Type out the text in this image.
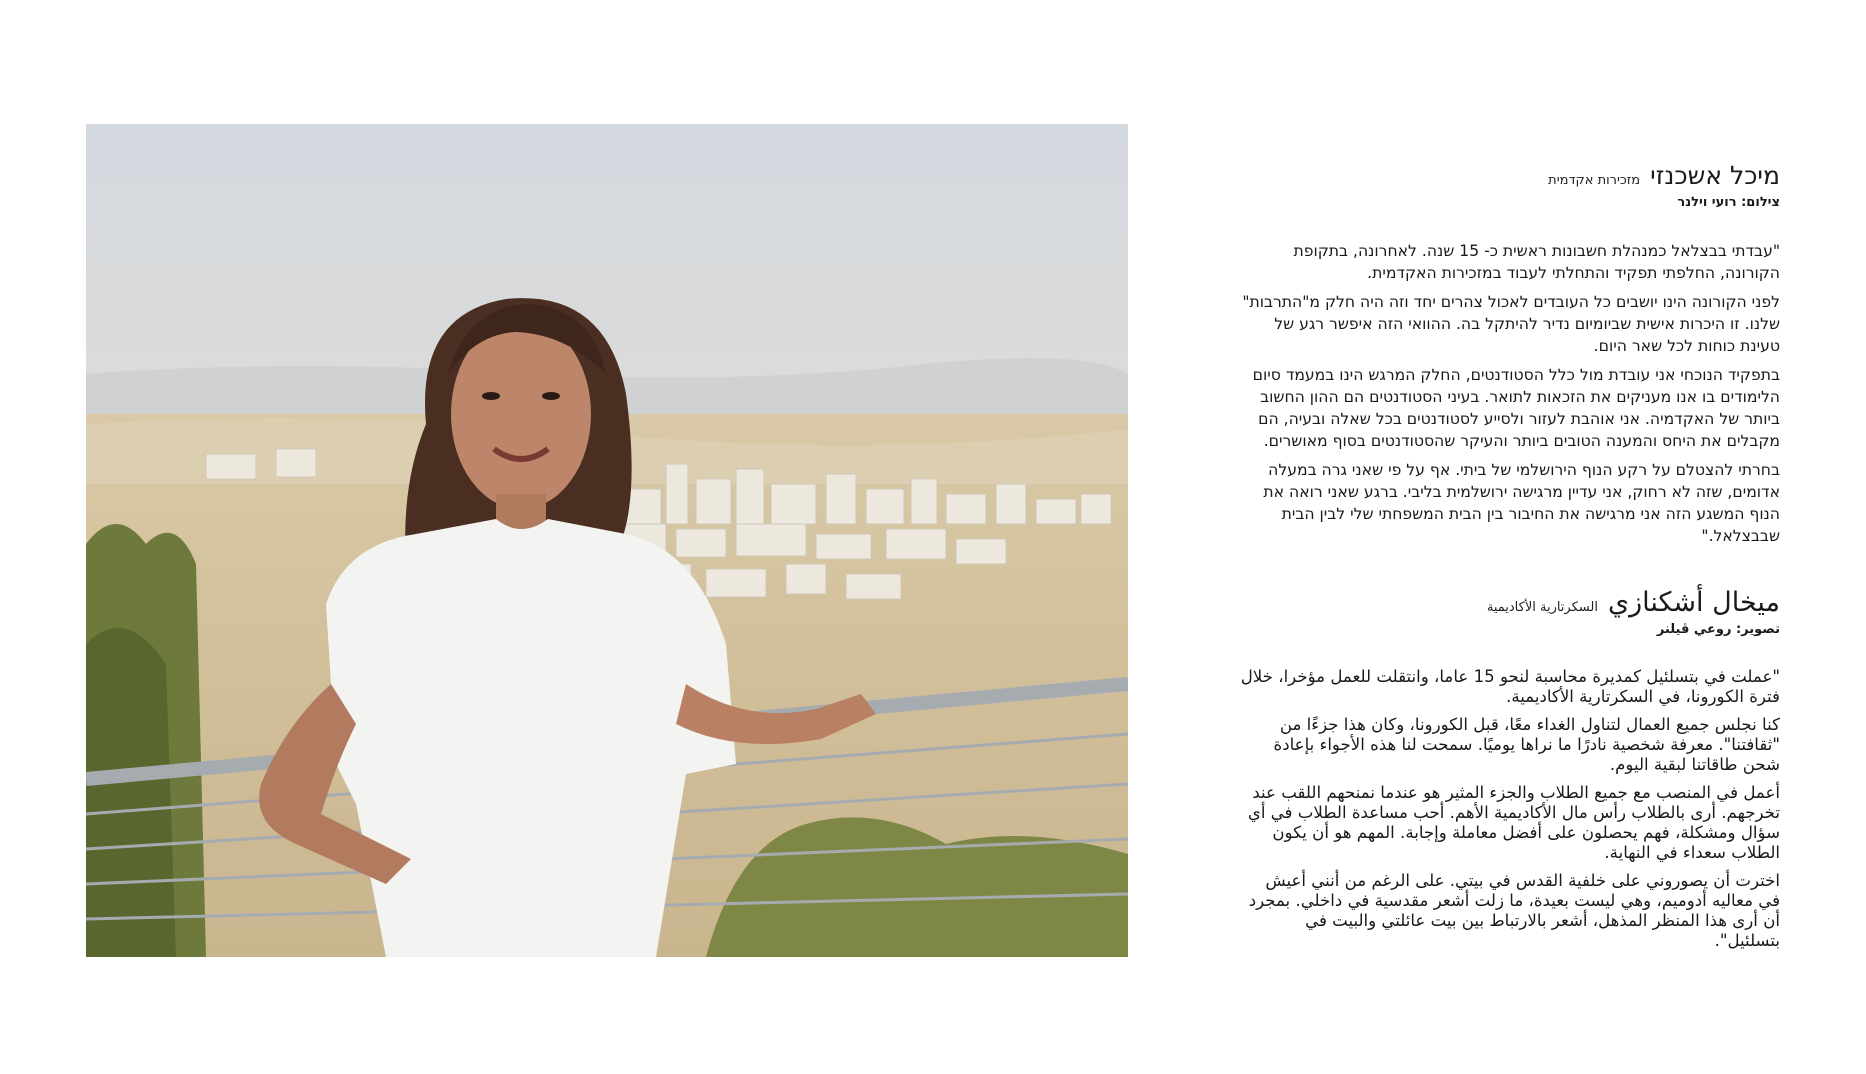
מיכל אשכנזי
מזכירות אקדמית
צילום: רועי וילנר

"עבדתי בבצלאל כמנהלת חשבונות ראשית כ- 15 שנה. לאחרונה, בתקופת הקורונה, החלפתי תפקיד והתחלתי לעבוד במזכירות האקדמית.

לפני הקורונה הינו יושבים כל העובדים לאכול צהרים יחד וזה היה חלק מ"התרבות" שלנו. זו היכרות אישית שביומיום נדיר להיתקל בה. ההוואי הזה איפשר רגע של טעינת כוחות לכל שאר היום.

בתפקיד הנוכחי אני עובדת מול כלל הסטודנטים, החלק המרגש הינו במעמד סיום הלימודים בו אנו מעניקים את הזכאות לתואר. בעיני הסטודנטים הם ההון החשוב ביותר של האקדמיה. אני אוהבת לעזור ולסייע לסטודנטים בכל שאלה ובעיה, הם מקבלים את היחס והמענה הטובים ביותר והעיקר שהסטודנטים בסוף מאושרים.

בחרתי להצטלם על רקע הנוף הירושלמי של ביתי. אף על פי שאני גרה במעלה אדומים, שזה לא רחוק, אני עדיין מרגישה ירושלמית בליבי. ברגע שאני רואה את הנוף המשגע הזה אני מרגישה את החיבור בין הבית המשפחתי שלי לבין הבית שבבצלאל."

ميخال أشكنازي
السكرتارية الأكاديمية
تصوير: روعي ڤيلنر

"عملت في بتسلئيل كمديرة محاسبة لنحو 15 عاما، وانتقلت للعمل مؤخرا، خلال فترة الكورونا، في السكرتارية الأكاديمية.

كنا نجلس جميع العمال لتناول الغداء معًا، قبل الكورونا، وكان هذا جزءًا من "ثقافتنا". معرفة شخصية نادرًا ما نراها يوميًا. سمحت لنا هذه الأجواء بإعادة شحن طاقاتنا لبقية اليوم.

أعمل في المنصب مع جميع الطلاب والجزء المثير هو عندما نمنحهم اللقب عند تخرجهم. أرى بالطلاب رأس مال الأكاديمية الأهم. أحب مساعدة الطلاب في أي سؤال ومشكلة، فهم يحصلون على أفضل معاملة وإجابة. المهم هو أن يكون الطلاب سعداء في النهاية.

اخترت أن يصوروني على خلفية القدس في بيتي. على الرغم من أنني أعيش في معاليه أدوميم، وهي ليست بعيدة، ما زلت أشعر مقدسية في داخلي. بمجرد أن أرى هذا المنظر المذهل، أشعر بالارتباط بين بيت عائلتي والبيت في بتسلئيل".
